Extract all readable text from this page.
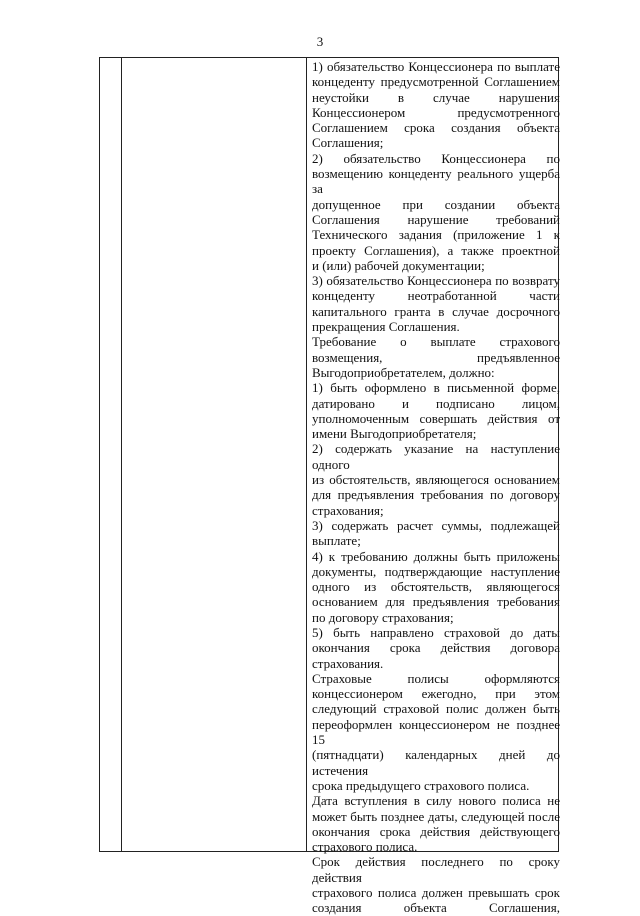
3

1) обязательство Концессионера по выплате
концеденту предусмотренной Соглашением
неустойки в случае нарушения
Концессионером предусмотренного
Соглашением срока создания объекта
Соглашения;

2) обязательство Концессионера по
возмещению концеденту реального ущерба за
допущенное при создании объекта
Соглашения нарушение требований
Технического задания (приложение 1 к
проекту Соглашения), а также проектной
и (или) рабочей документации;

3) обязательство Концессионера по возврату
концеденту неотработанной части
капитального гранта в случае досрочного
прекращения Соглашения.

Требование о выплате страхового
возмещения, предъявленное
Выгодоприобретателем, должно:

1) быть оформлено в письменной форме,
датировано и подписано лицом,
уполномоченным совершать действия от
имени Выгодоприобретателя;

2) содержать указание на наступление одного
из обстоятельств, являющегося основанием
для предъявления требования по договору
страхования;

3) содержать расчет суммы, подлежащей
выплате;

4) к требованию должны быть приложены
документы, подтверждающие наступление
одного из обстоятельств, являющегося
основанием для предъявления требования
по договору страхования;

5) быть направлено страховой до даты
окончания срока действия договора
страхования.

Страховые полисы оформляются
концессионером ежегодно, при этом
следующий страховой полис должен быть
переоформлен концессионером не позднее 15
(пятнадцати) календарных дней до истечения
срока предыдущего страхового полиса.

Дата вступления в силу нового полиса не
может быть позднее даты, следующей после
окончания срока действия действующего
страхового полиса.

Срок действия последнего по сроку действия
страхового полиса должен превышать срок
создания объекта Соглашения,
